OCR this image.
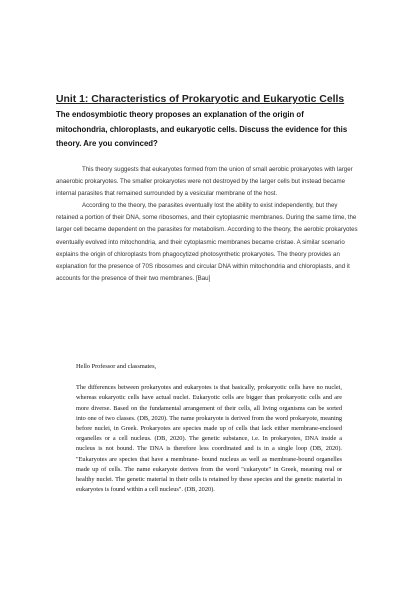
Unit 1: Characteristics of Prokaryotic and Eukaryotic Cells
The endosymbiotic theory proposes an explanation of the origin of mitochondria, chloroplasts, and eukaryotic cells. Discuss the evidence for this theory. Are you convinced?

This theory suggests that eukaryotes formed from the union of small aerobic prokaryotes with larger anaerobic prokaryotes. The smaller prokaryotes were not destroyed by the larger cells but instead became internal parasites that remained surrounded by a vesicular membrane of the host.

According to the theory, the parasites eventually lost the ability to exist independently, but they retained a portion of their DNA, some ribosomes, and their cytoplasmic membranes. During the same time, the larger cell became dependent on the parasites for metabolism. According to the theory, the aerobic prokaryotes eventually evolved into mitochondria, and their cytoplasmic membranes became cristae. A similar scenario explains the origin of chloroplasts from phagocytized photosynthetic prokaryotes. The theory provides an explanation for the presence of 70S ribosomes and circular DNA within mitochondria and chloroplasts, and it accounts for the presence of their two membranes. [Bau]

Hello Professor and classmates,

The differences between prokaryotes and eukaryotes is that basically, prokaryotic cells have no nuclei, whereas eukaryotic cells have actual nuclei. Eukaryotic cells are bigger than prokaryotic cells and are more diverse. Based on the fundamental arrangement of their cells, all living organisms can be sorted into one of two classes. (DB, 2020). The name prokaryote is derived from the word prokaryote, meaning before nuclei, in Greek. Prokaryotes are species made up of cells that lack either membrane-enclosed organelles or a cell nucleus. (DB, 2020). The genetic substance, i.e. In prokaryotes, DNA inside a nucleus is not bound. The DNA is therefore less coordinated and is in a single loop (DB, 2020). "Eukaryotes are species that have a membrane- bound nucleus as well as membrane-bound organelles made up of cells. The name eukaryote derives from the word "εukaryote" in Greek, meaning real or healthy nuclei. The genetic material in their cells is retained by these species and the genetic material in eukaryotes is found within a cell nucleus". (DB, 2020).
